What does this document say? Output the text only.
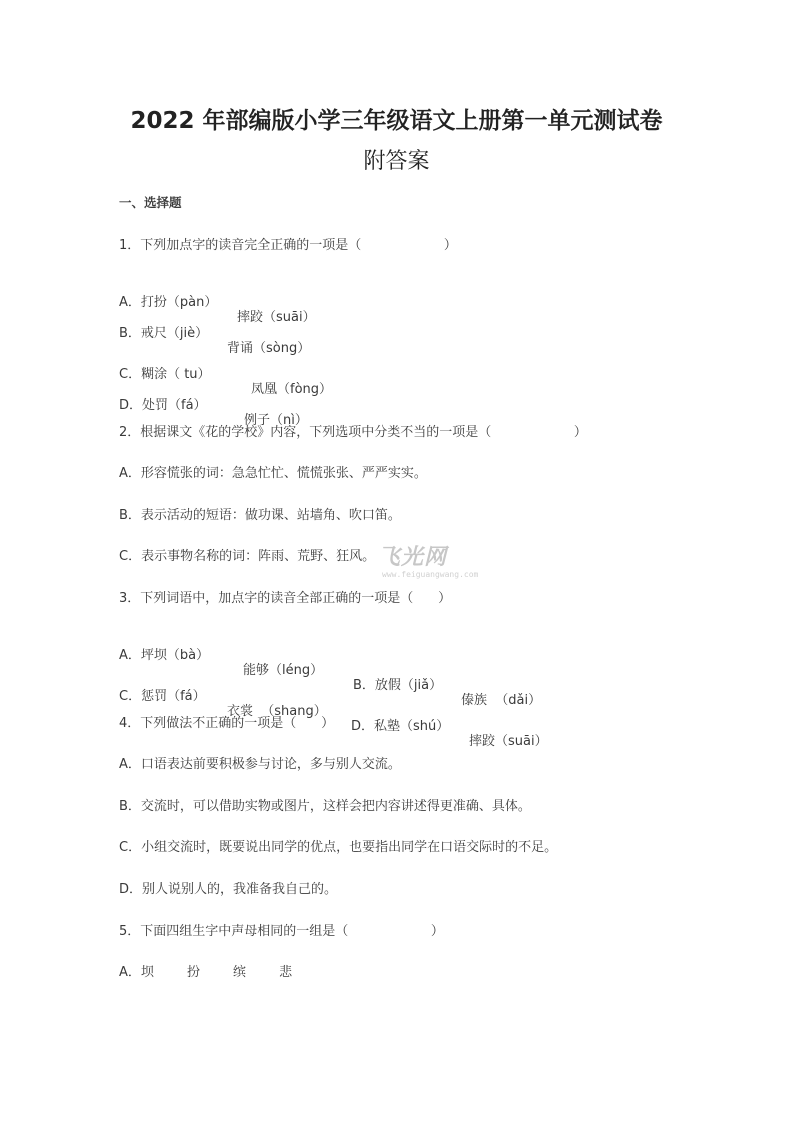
2022 年部编版小学三年级语文上册第一单元测试卷
附答案
一、选择题
1．下列加点字的读音完全正确的一项是（                    ）

A．打扮（pàn）

摔跤（suāi）

B．戒尺（jiè）

背诵（sòng）

C．糊涂（ tu）

凤凰（fòng）

D．处罚（fá）

例子（nì）

2．根据课文《花的学校》内容，下列选项中分类不当的一项是（                    ）
A．形容慌张的词：急急忙忙、慌慌张张、严严实实。
B．表示活动的短语：做功课、站墙角、吹口笛。
C．表示事物名称的词：阵雨、荒野、狂风。 飞光网
www.feiguangwang.com
3．下列词语中，加点字的读音全部正确的一项是（      ）

A．坪坝（bà）

能够（léng）

B．放假（jiǎ）

傣族  （dǎi）

C．惩罚（fá）

衣裳  （shang）

D．私塾（shú）

摔跤（suāi）

4．下列做法不正确的一项是（      ）
A．口语表达前要积极参与讨论，多与别人交流。
B．交流时，可以借助实物或图片，这样会把内容讲述得更准确、具体。
C．小组交流时，既要说出同学的优点，也要指出同学在口语交际时的不足。
D．别人说别人的，我准备我自己的。
5．下面四组生字中声母相同的一组是（                    ）
A．坝        扮        缤        悲
